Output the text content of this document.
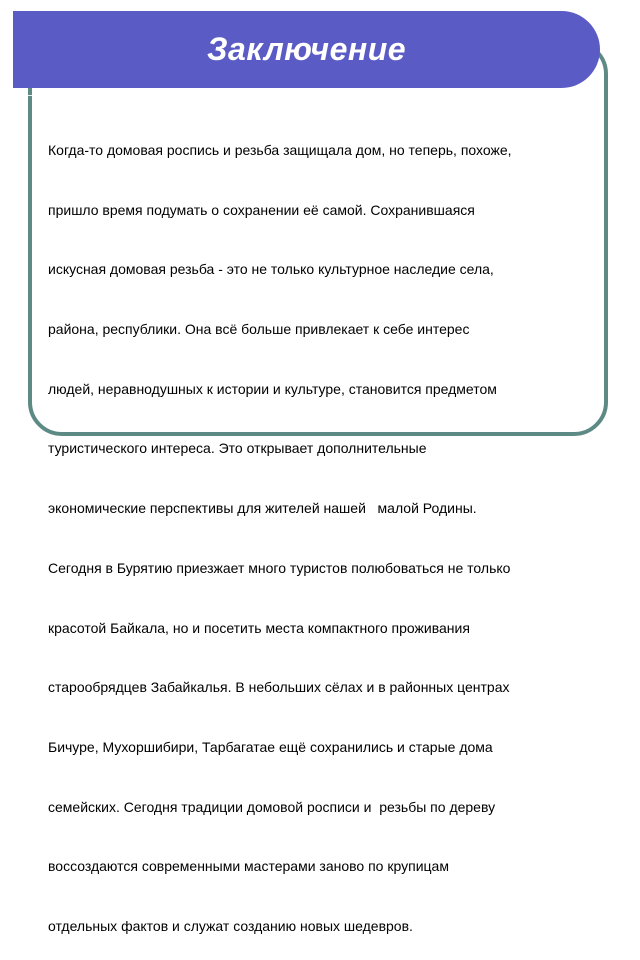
Заключение

Когда-то домовая роспись и резьба защищала дом, но теперь, похоже,

пришло время подумать о сохранении её самой. Сохранившаяся

искусная домовая резьба - это не только культурное наследие села,

района, республики. Она всё больше привлекает к себе интерес

людей, неравнодушных к истории и культуре, становится предметом

туристического интереса. Это открывает дополнительные

экономические перспективы для жителей нашей   малой Родины.

Сегодня в Бурятию приезжает много туристов полюбоваться не только

красотой Байкала, но и посетить места компактного проживания

старообрядцев Забайкалья. В небольших сёлах и в районных центрах

Бичуре, Мухоршибири, Тарбагатае ещё сохранились и старые дома

семейских. Сегодня традиции домовой росписи и  резьбы по дереву

воссоздаются современными мастерами заново по крупицам

отдельных фактов и служат созданию новых шедевров.
